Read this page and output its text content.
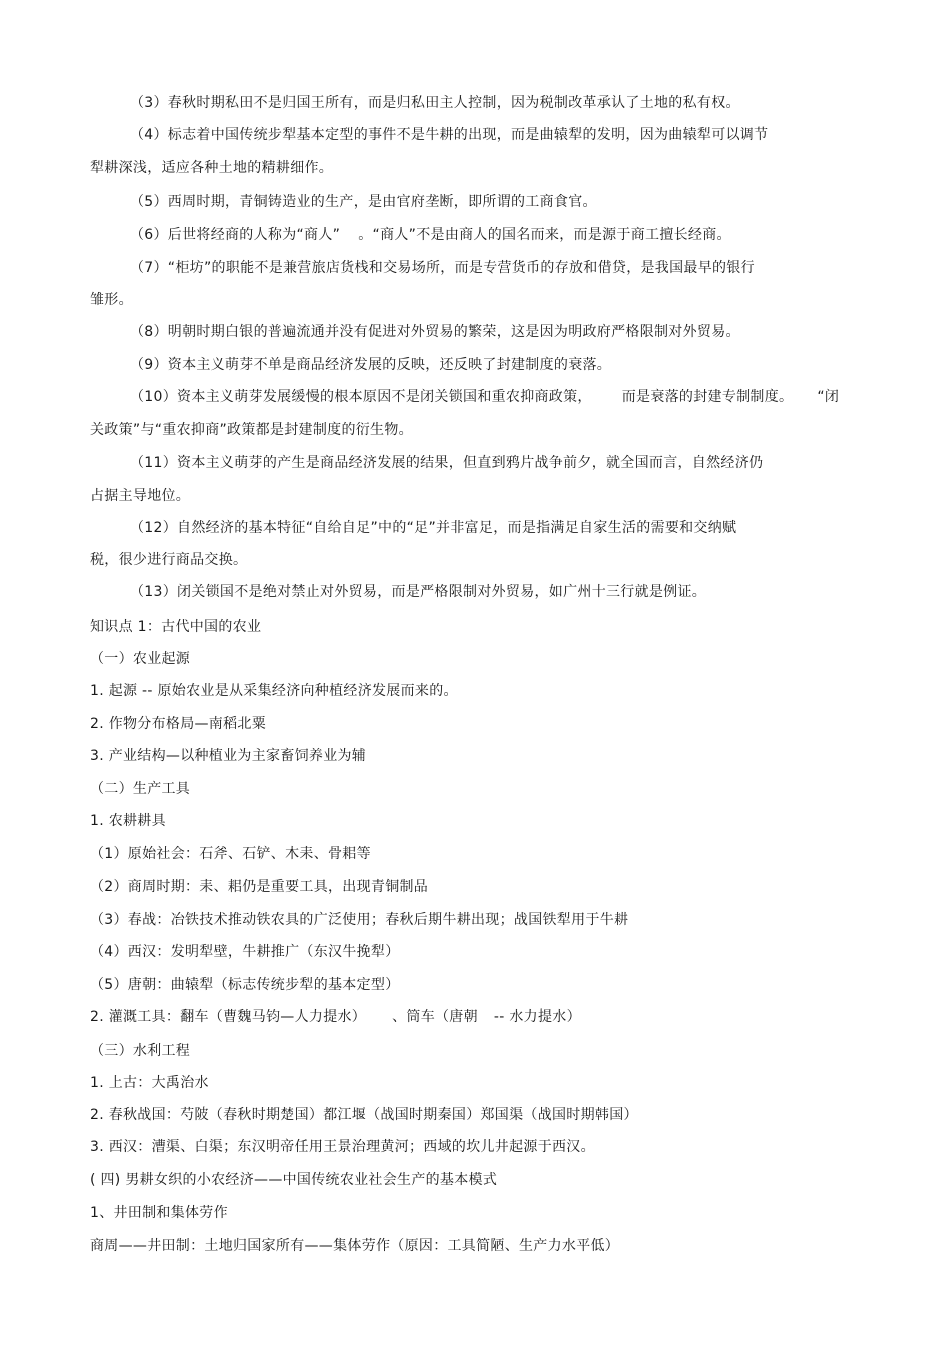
（3）春秋时期私田不是归国王所有，而是归私田主人控制，因为税制改革承认了土地的私有权。
（4）标志着中国传统步犁基本定型的事件不是牛耕的出现，而是曲辕犁的发明，因为曲辕犁可以调节
犁耕深浅，适应各种土地的精耕细作。
（5）西周时期，青铜铸造业的生产，是由官府垄断，即所谓的工商食官。
（6）后世将经商的人称为“商人” 。“商人”不是由商人的国名而来，而是源于商工擅长经商。
（7）“柜坊”的职能不是兼营旅店货栈和交易场所，而是专营货币的存放和借贷，是我国最早的银行
雏形。
（8）明朝时期白银的普遍流通并没有促进对外贸易的繁荣，这是因为明政府严格限制对外贸易。
（9）资本主义萌芽不单是商品经济发展的反映，还反映了封建制度的衰落。
（10）资本主义萌芽发展缓慢的根本原因不是闭关锁国和重农抑商政策， 而是衰落的封建专制制度。 “闭
关政策”与“重农抑商”政策都是封建制度的衍生物。
（11）资本主义萌芽的产生是商品经济发展的结果，但直到鸦片战争前夕，就全国而言，自然经济仍
占据主导地位。
（12）自然经济的基本特征“自给自足”中的“足”并非富足，而是指满足自家生活的需要和交纳赋
税，很少进行商品交换。
（13）闭关锁国不是绝对禁止对外贸易，而是严格限制对外贸易，如广州十三行就是例证。
知识点 1：古代中国的农业
（一）农业起源
1. 起源 -- 原始农业是从采集经济向种植经济发展而来的。
2. 作物分布格局—南稻北粟
3. 产业结构—以种植业为主家畜饲养业为辅
（二）生产工具
1. 农耕耕具
（1）原始社会：石斧、石铲、木耒、骨耜等
（2）商周时期：耒、耜仍是重要工具，出现青铜制品
（3）春战：冶铁技术推动铁农具的广泛使用；春秋后期牛耕出现；战国铁犁用于牛耕
（4）西汉：发明犁壁，牛耕推广（东汉牛挽犁）
（5）唐朝：曲辕犁（标志传统步犁的基本定型）
2. 灌溉工具：翻车（曹魏马钧—人力提水） 、筒车（唐朝 -- 水力提水）
（三）水利工程
1. 上古：大禹治水
2. 春秋战国：芍陂（春秋时期楚国）都江堰（战国时期秦国）郑国渠（战国时期韩国）
3. 西汉：漕渠、白渠；东汉明帝任用王景治理黄河；西域的坎儿井起源于西汉。
( 四) 男耕女织的小农经济——中国传统农业社会生产的基本模式
1、井田制和集体劳作
商周——井田制：土地归国家所有——集体劳作（原因：工具简陋、生产力水平低）
